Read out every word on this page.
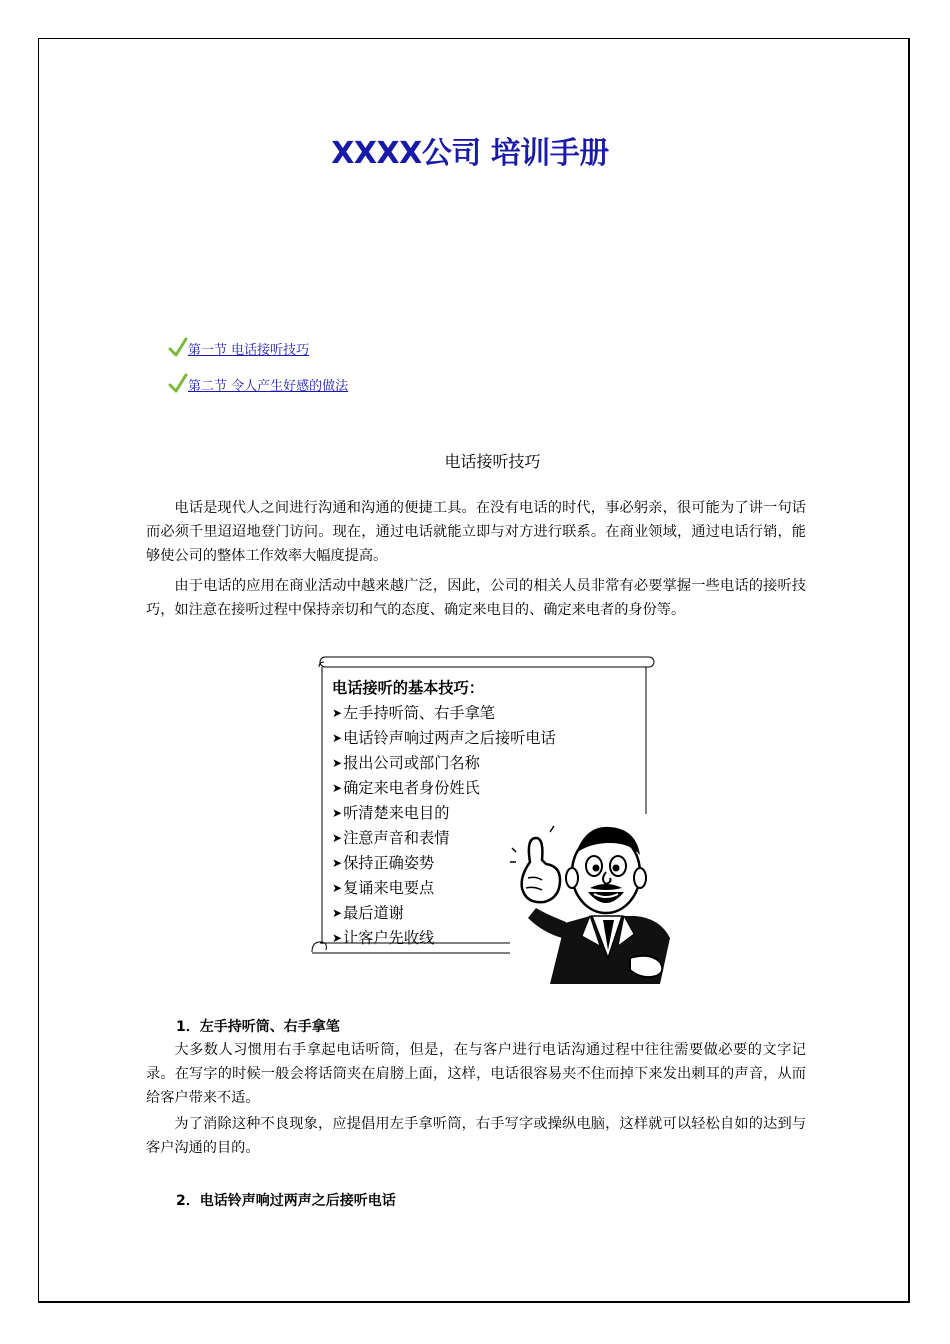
XXXX公司 培训手册
第一节 电话接听技巧
第二节 令人产生好感的做法
电话接听技巧

电话是现代人之间进行沟通和沟通的便捷工具。在没有电话的时代，事必躬亲，很可能为了讲一句话而必须千里迢迢地登门访问。现在，通过电话就能立即与对方进行联系。在商业领域，通过电话行销，能够使公司的整体工作效率大幅度提高。

由于电话的应用在商业活动中越来越广泛，因此，公司的相关人员非常有必要掌握一些电话的接听技巧，如注意在接听过程中保持亲切和气的态度、确定来电目的、确定来电者的身份等。

电话接听的基本技巧：
➤ 左手持听筒、右手拿笔
➤ 电话铃声响过两声之后接听电话
➤ 报出公司或部门名称
➤ 确定来电者身份姓氏
➤ 听清楚来电目的
➤ 注意声音和表情
➤ 保持正确姿势
➤ 复诵来电要点
➤ 最后道谢
➤ 让客户先收线
1．左手持听筒、右手拿笔

大多数人习惯用右手拿起电话听筒，但是，在与客户进行电话沟通过程中往往需要做必要的文字记录。在写字的时候一般会将话筒夹在肩膀上面，这样，电话很容易夹不住而掉下来发出刺耳的声音，从而给客户带来不适。

为了消除这种不良现象，应提倡用左手拿听筒，右手写字或操纵电脑，这样就可以轻松自如的达到与客户沟通的目的。

2．电话铃声响过两声之后接听电话
